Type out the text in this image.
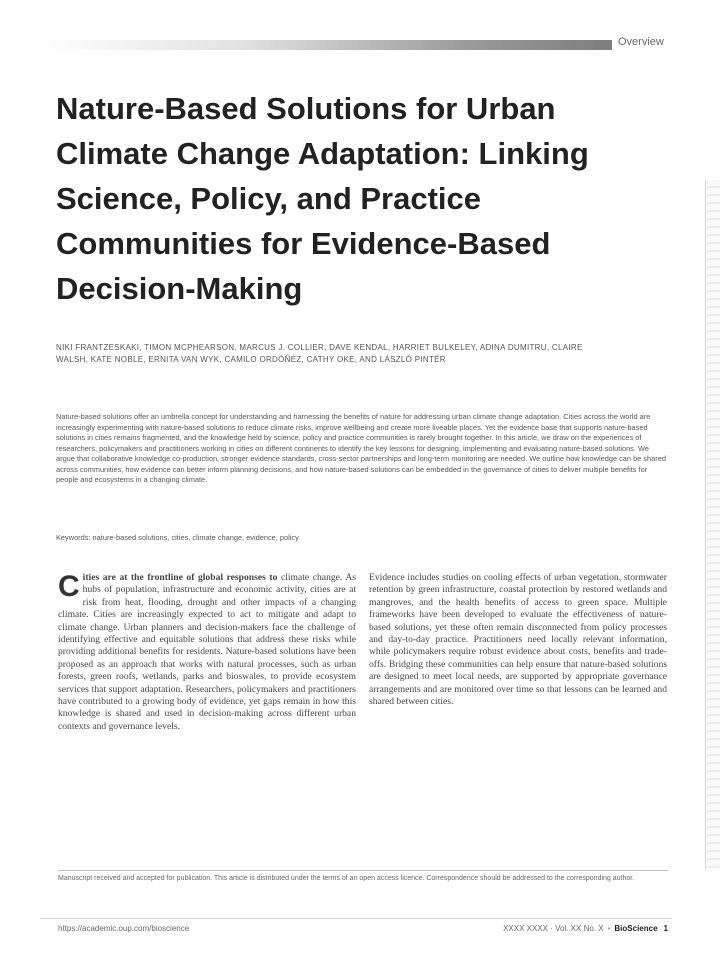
Overview
Nature-Based Solutions for Urban Climate Change Adaptation: Linking Science, Policy, and Practice Communities for Evidence-Based Decision-Making

NIKI FRANTZESKAKI, TIMON MCPHEARSON, MARCUS J. COLLIER, DAVE KENDAL, HARRIET BULKELEY, ADINA DUMITRU, CLAIRE WALSH, KATE NOBLE, ERNITA VAN WYK, CAMILO ORDÓÑEZ, CATHY OKE, AND LÁSZLÓ PINTÉR

Nature-based solutions offer an umbrella concept for understanding and harnessing the benefits of nature for addressing urban climate change adaptation. Cities across the world are increasingly experimenting with nature-based solutions to reduce climate risks, improve wellbeing and create more liveable places. Yet the evidence base that supports nature-based solutions in cities remains fragmented, and the knowledge held by science, policy and practice communities is rarely brought together. In this article, we draw on the experiences of researchers, policymakers and practitioners working in cities on different continents to identify the key lessons for designing, implementing and evaluating nature-based solutions. We argue that collaborative knowledge co-production, stronger evidence standards, cross-sector partnerships and long-term monitoring are needed. We outline how knowledge can be shared across communities, how evidence can better inform planning decisions, and how nature-based solutions can be embedded in the governance of cities to deliver multiple benefits for people and ecosystems in a changing climate.

Keywords: nature-based solutions, cities, climate change, evidence, policy

Cities are at the frontline of global responses to climate change. As hubs of population, infrastructure and economic activity, cities are at risk from heat, flooding, drought and other impacts of a changing climate. Cities are increasingly expected to act to mitigate and adapt to climate change. Urban planners and decision-makers face the challenge of identifying effective and equitable solutions that address these risks while providing additional benefits for residents. Nature-based solutions have been proposed as an approach that works with natural processes, such as urban forests, green roofs, wetlands, parks and bioswales, to provide ecosystem services that support adaptation. Researchers, policymakers and practitioners have contributed to a growing body of evidence, yet gaps remain in how this knowledge is shared and used in decision-making across different urban contexts and governance levels.
Evidence includes studies on cooling effects of urban vegetation, stormwater retention by green infrastructure, coastal protection by restored wetlands and mangroves, and the health benefits of access to green space. Multiple frameworks have been developed to evaluate the effectiveness of nature-based solutions, yet these often remain disconnected from policy processes and day-to-day practice. Practitioners need locally relevant information, while policymakers require robust evidence about costs, benefits and trade-offs. Bridging these communities can help ensure that nature-based solutions are designed to meet local needs, are supported by appropriate governance arrangements and are monitored over time so that lessons can be learned and shared between cities.

Manuscript received and accepted for publication. This article is distributed under the terms of an open access licence. Correspondence should be addressed to the corresponding author.

https://academic.oup.com/bioscience	XXXX XXXX · Vol. XX No. X • BioScience 1
